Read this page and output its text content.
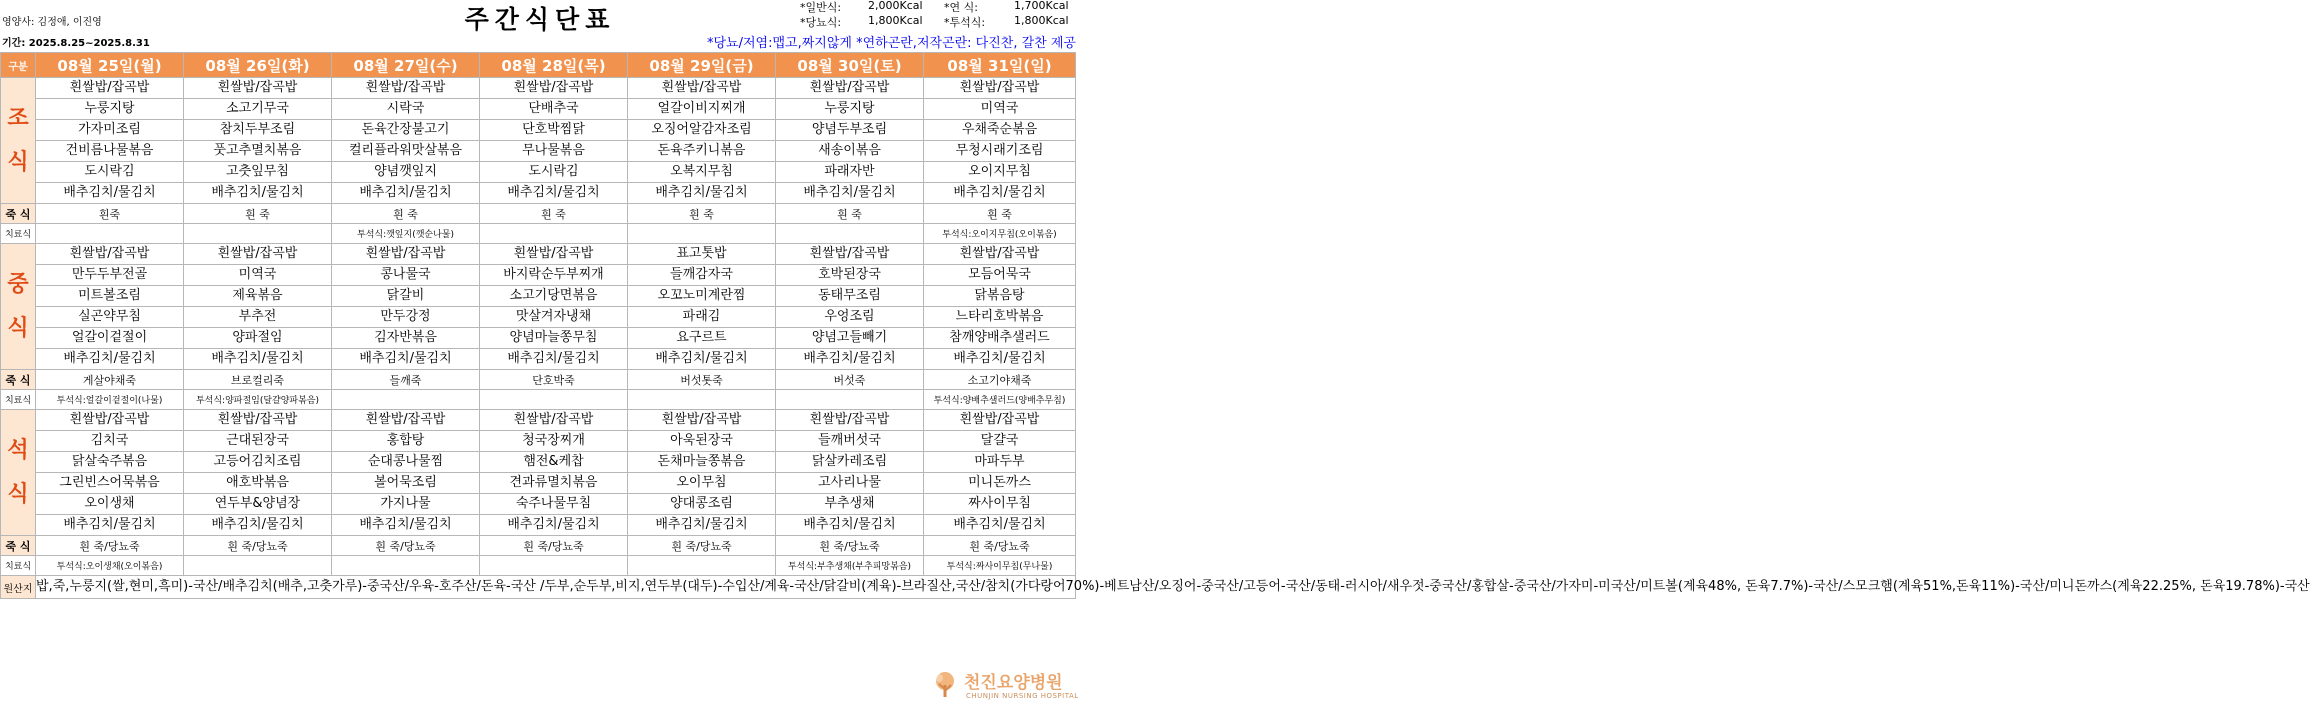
영양사: 김정애, 이진영
기간: 2025.8.25~2025.8.31
주간식단표	*일반식: 2,000Kcal *연 식:	1,700Kcal
*당뇨식: 1,800Kcal *투석식:	1,800Kcal
*당뇨/저염:맵고,짜지않게 *연하곤란,저작곤란: 다진찬, 갈찬 제공
구분	08월 25일(월)	08월 26일(화)	08월 27일(수)	08월 28일(목)	08월 29일(금)	08월 30일(토)	08월 31일(일)

조
식	흰쌀밥/잡곡밥	흰쌀밥/잡곡밥	흰쌀밥/잡곡밥	흰쌀밥/잡곡밥	흰쌀밥/잡곡밥	흰쌀밥/잡곡밥	흰쌀밥/잡곡밥
	누룽지탕	소고기무국	시락국	단배추국	얼갈이비지찌개	누룽지탕	미역국
	가자미조림	참치두부조림	돈육간장불고기	단호박찜닭	오징어알감자조림	양념두부조림	우채죽순볶음
	건비름나물볶음	풋고추멸치볶음	컬리플라워맛살볶음	무나물볶음	돈육주키니볶음	새송이볶음	무청시래기조림
	도시락김	고춧잎무침	양념깻잎지	도시락김	오복지무침	파래자반	오이지무침
	배추김치/물김치	배추김치/물김치	배추김치/물김치	배추김치/물김치	배추김치/물김치	배추김치/물김치	배추김치/물김치
죽 식	흰죽	흰 죽	흰 죽	흰 죽	흰 죽	흰 죽	흰 죽
치료식			투석식:깻잎지(깻순나물)				투석식:오이지무침(오이볶음)

중
식	흰쌀밥/잡곡밥	흰쌀밥/잡곡밥	흰쌀밥/잡곡밥	흰쌀밥/잡곡밥	표고톳밥	흰쌀밥/잡곡밥	흰쌀밥/잡곡밥
	만두두부전골	미역국	콩나물국	바지락순두부찌개	들깨감자국	호박된장국	모듬어묵국
	미트볼조림	제육볶음	닭갈비	소고기당면볶음	오꼬노미계란찜	동태무조림	닭볶음탕
	실곤약무침	부추전	만두강정	맛살겨자냉채	파래김	우엉조림	느타리호박볶음
	얼갈이겉절이	양파절임	김자반볶음	양념마늘쫑무침	요구르트	양념고들빼기	참깨양배추샐러드
	배추김치/물김치	배추김치/물김치	배추김치/물김치	배추김치/물김치	배추김치/물김치	배추김치/물김치	배추김치/물김치
죽 식	게살야채죽	브로컬리죽	들깨죽	단호박죽	버섯톳죽	버섯죽	소고기야채죽
치료식	투석식:얼갈이겉절이(나물)	투석식:양파절임(달걀양파볶음)					투석식:양배추샐러드(양배추무침)

석
식	흰쌀밥/잡곡밥	흰쌀밥/잡곡밥	흰쌀밥/잡곡밥	흰쌀밥/잡곡밥	흰쌀밥/잡곡밥	흰쌀밥/잡곡밥	흰쌀밥/잡곡밥
	김치국	근대된장국	홍합탕	청국장찌개	아욱된장국	들깨버섯국	달걀국
	닭살숙주볶음	고등어김치조림	순대콩나물찜	햄전&케찹	돈채마늘쫑볶음	닭살카레조림	마파두부
	그린빈스어묵볶음	애호박볶음	볼어묵조림	견과류멸치볶음	오이무침	고사리나물	미니돈까스
	오이생채	연두부&양념장	가지나물	숙주나물무침	양대콩조림	부추생채	짜사이무침
	배추김치/물김치	배추김치/물김치	배추김치/물김치	배추김치/물김치	배추김치/물김치	배추김치/물김치	배추김치/물김치
죽 식	흰 죽/당뇨죽	흰 죽/당뇨죽	흰 죽/당뇨죽	흰 죽/당뇨죽	흰 죽/당뇨죽	흰 죽/당뇨죽	흰 죽/당뇨죽
치료식	투석식:오이생채(오이볶음)					투석식:부추생채(부추피망볶음)	투석식:짜사이무침(무나물)
원산지	밥,죽,누룽지(쌀,현미,흑미)-국산/배추김치(배추,고춧가루)-중국산/우육-호주산/돈육-국산 /두부,순두부,비지,연두부(대두)-수입산/계육-국산/닭갈비(계육)-브라질산,국산/참치(가다랑어70%)-베트남산/오징어-중국산/고등어-국산/동태-러시아/새우젓-중국산/홍합살-중국산/가자미-미국산/미트볼(계육48%, 돈육7.7%)-국산/스모크햄(계육51%,돈육11%)-국산/미니돈까스(계육22.25%, 돈육19.78%)-국산						
천진요양병원
CHUNJIN NURSING HOSPITAL
